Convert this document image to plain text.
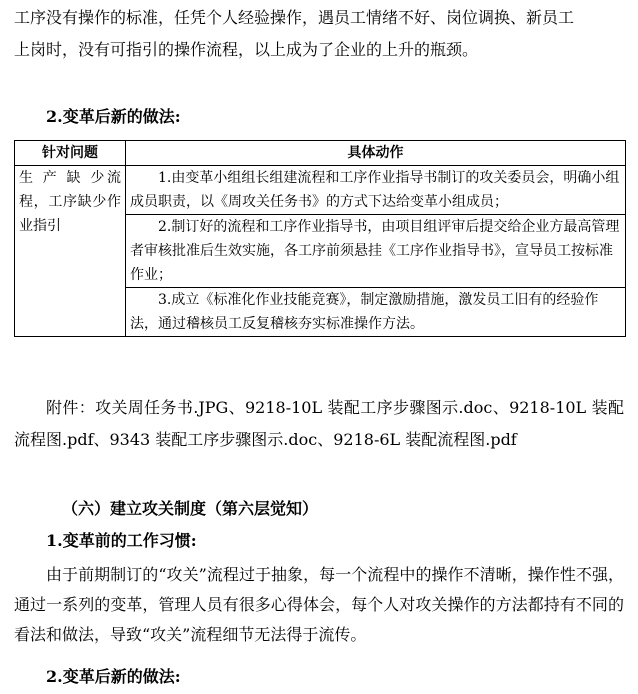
工序没有操作的标准，任凭个人经验操作，遇员工情绪不好、岗位调换、新员工

上岗时，没有可指引的操作流程，以上成为了企业的上升的瓶颈。

2.变革后新的做法:

针对问题	具体动作

生 产 缺 少流程，工序缺少作业指引	1.由变革小组组长组建流程和工序作业指导书制订的攻关委员会，明确小组成员职责，以《周攻关任务书》的方式下达给变革小组成员；
	2.制订好的流程和工序作业指导书，由项目组评审后提交给企业方最高管理者审核批准后生效实施，各工序前须悬挂《工序作业指导书》，宣导员工按标准作业；
	3.成立《标准化作业技能竞赛》，制定激励措施，激发员工旧有的经验作法，通过稽核员工反复稽核夯实标准操作方法。

附件：攻关周任务书.JPG、9218-10L 装配工序步骤图示.doc、9218-10L 装配流程图.pdf、9343 装配工序步骤图示.doc、9218-6L 装配流程图.pdf

（六）建立攻关制度（第六层觉知）

1.变革前的工作习惯:

由于前期制订的“攻关”流程过于抽象，每一个流程中的操作不清晰，操作性不强，通过一系列的变革，管理人员有很多心得体会，每个人对攻关操作的方法都持有不同的看法和做法，导致“攻关”流程细节无法得于流传。

2.变革后新的做法:
